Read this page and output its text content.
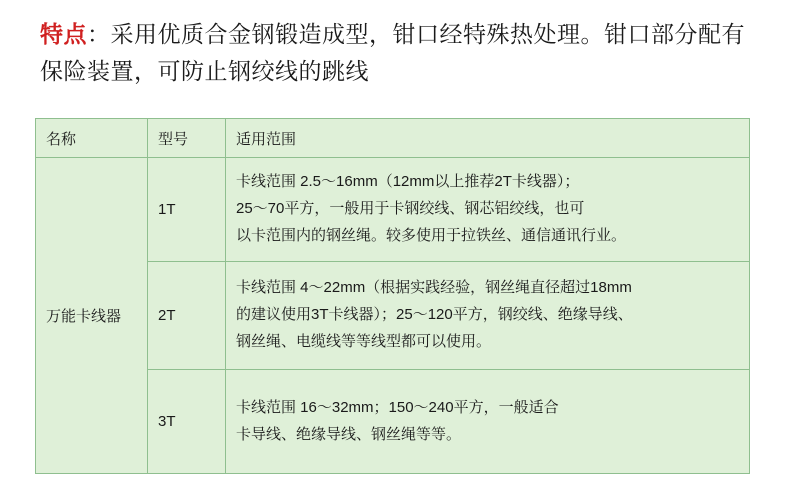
特点：采用优质合金钢锻造成型，钳口经特殊热处理。钳口部分配有保险装置，可防止钢绞线的跳线
名称	型号	适用范围
万能卡线器	1T	卡线范围 2.5～16mm（12mm以上推荐2T卡线器）；
25～70平方，一般用于卡钢绞线、钢芯铝绞线，也可
以卡范围内的钢丝绳。较多使用于拉铁丝、通信通讯行业。

	2T	卡线范围 4～22mm（根据实践经验，钢丝绳直径超过18mm
的建议使用3T卡线器）；25～120平方，钢绞线、绝缘导线、
钢丝绳、电缆线等等线型都可以使用。

	3T	卡线范围 16～32mm；150～240平方，一般适合
卡导线、绝缘导线、钢丝绳等等。
